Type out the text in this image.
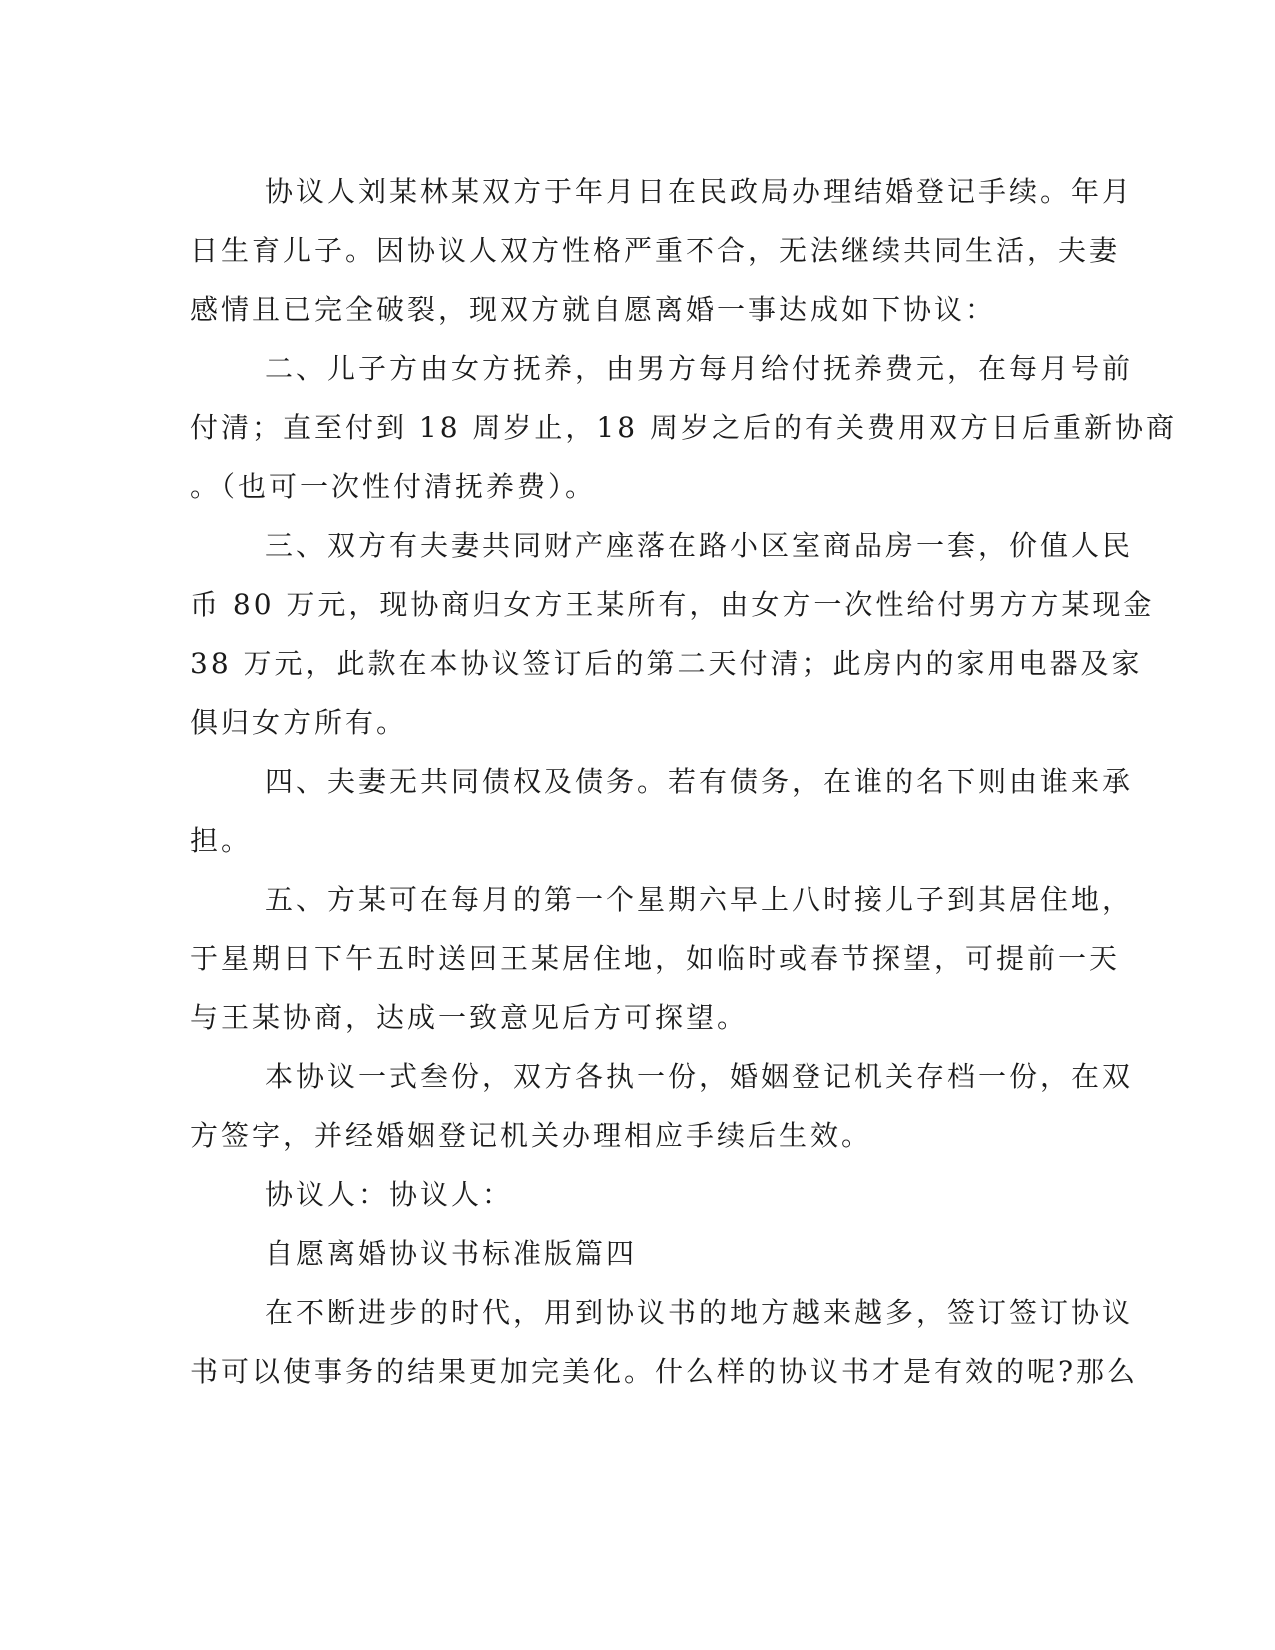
协议人刘某林某双方于年月日在民政局办理结婚登记手续。年月
日生育儿子。因协议人双方性格严重不合，无法继续共同生活，夫妻
感情且已完全破裂，现双方就自愿离婚一事达成如下协议：
二、儿子方由女方抚养，由男方每月给付抚养费元，在每月号前
付清；直至付到 18 周岁止，18 周岁之后的有关费用双方日后重新协商
。（也可一次性付清抚养费）。
三、双方有夫妻共同财产座落在路小区室商品房一套，价值人民
币 80 万元，现协商归女方王某所有，由女方一次性给付男方方某现金
38 万元，此款在本协议签订后的第二天付清；此房内的家用电器及家
俱归女方所有。
四、夫妻无共同债权及债务。若有债务，在谁的名下则由谁来承
担。
五、方某可在每月的第一个星期六早上八时接儿子到其居住地，
于星期日下午五时送回王某居住地，如临时或春节探望，可提前一天
与王某协商，达成一致意见后方可探望。
本协议一式叁份，双方各执一份，婚姻登记机关存档一份，在双
方签字，并经婚姻登记机关办理相应手续后生效。
协议人：协议人：
自愿离婚协议书标准版篇四
在不断进步的时代，用到协议书的地方越来越多，签订签订协议
书可以使事务的结果更加完美化。什么样的协议书才是有效的呢?那么
